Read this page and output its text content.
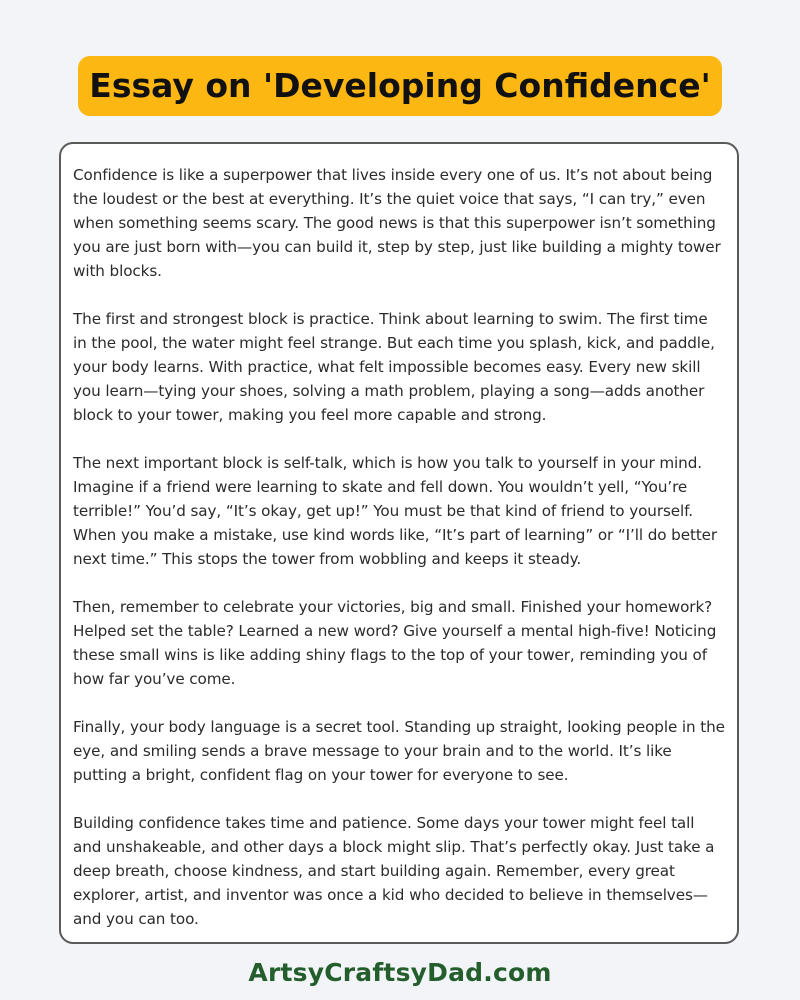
Essay on 'Developing Confidence'

Confidence is like a superpower that lives inside every one of us. It’s not about being the loudest or the best at everything. It’s the quiet voice that says, “I can try,” even when something seems scary. The good news is that this superpower isn’t something you are just born with—you can build it, step by step, just like building a mighty tower with blocks.

The first and strongest block is practice. Think about learning to swim. The first time in the pool, the water might feel strange. But each time you splash, kick, and paddle, your body learns. With practice, what felt impossible becomes easy. Every new skill you learn—tying your shoes, solving a math problem, playing a song—adds another block to your tower, making you feel more capable and strong.

The next important block is self-talk, which is how you talk to yourself in your mind. Imagine if a friend were learning to skate and fell down. You wouldn’t yell, “You’re terrible!” You’d say, “It’s okay, get up!” You must be that kind of friend to yourself. When you make a mistake, use kind words like, “It’s part of learning” or “I’ll do better next time.” This stops the tower from wobbling and keeps it steady.

Then, remember to celebrate your victories, big and small. Finished your homework? Helped set the table? Learned a new word? Give yourself a mental high-five! Noticing these small wins is like adding shiny flags to the top of your tower, reminding you of how far you’ve come.

Finally, your body language is a secret tool. Standing up straight, looking people in the eye, and smiling sends a brave message to your brain and to the world. It’s like putting a bright, confident flag on your tower for everyone to see.

Building confidence takes time and patience. Some days your tower might feel tall and unshakeable, and other days a block might slip. That’s perfectly okay. Just take a deep breath, choose kindness, and start building again. Remember, every great explorer, artist, and inventor was once a kid who decided to believe in themselves—and you can too.

ArtsyCraftsyDad.com
